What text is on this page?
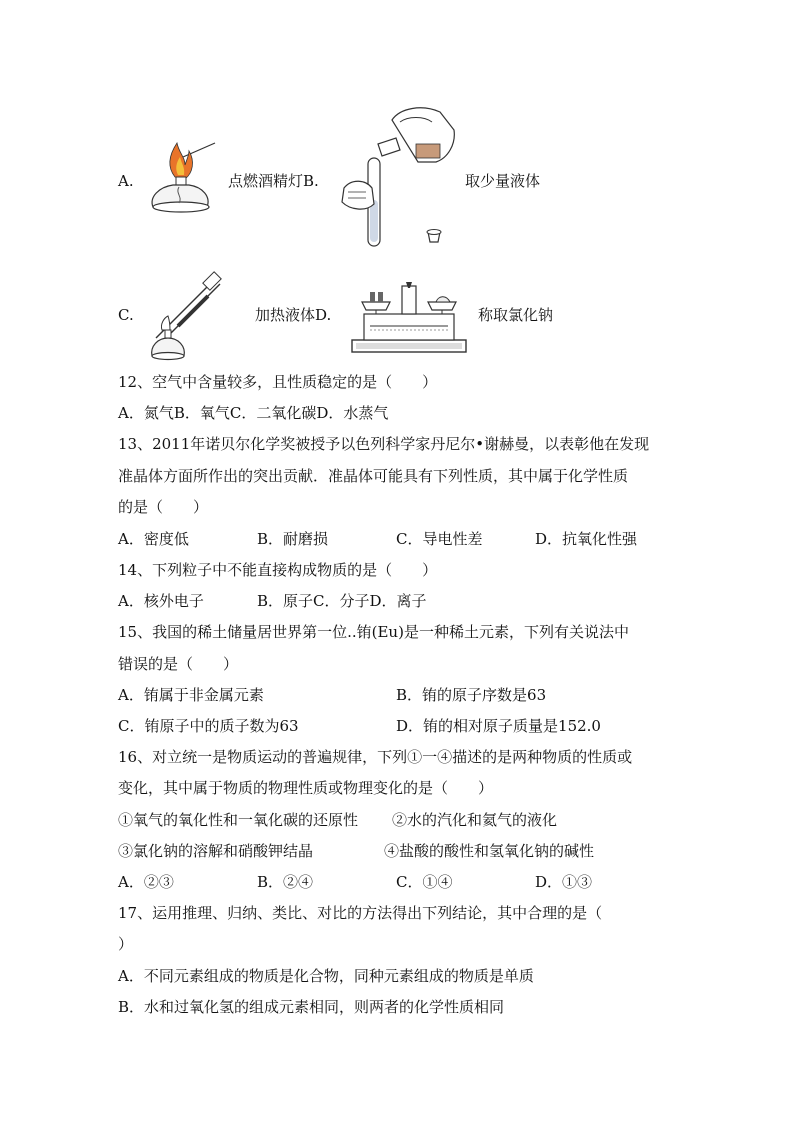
A.	点燃酒精灯B.	取少量液体
C.	加热液体D.	称取氯化钠
12、空气中含量较多，且性质稳定的是（　　）
A．氮气B．氧气C．二氧化碳D．水蒸气
13、2011年诺贝尔化学奖被授予以色列科学家丹尼尔•谢赫曼，以表彰他在发现
准晶体方面所作出的突出贡献．准晶体可能具有下列性质，其中属于化学性质
的是（　　）
A．密度低	B．耐磨损	C．导电性差	D．抗氧化性强
14、下列粒子中不能直接构成物质的是（　　）
A．核外电子	B．原子C．分子D．离子
15、我国的稀土储量居世界第一位..铕(Eu)是一种稀土元素，下列有关说法中
错误的是（　　）
A．铕属于非金属元素	B．铕的原子序数是63
C．铕原子中的质子数为63	D．铕的相对原子质量是152.0
16、对立统一是物质运动的普遍规律，下列①一④描述的是两种物质的性质或
变化，其中属于物质的物理性质或物理变化的是（　　）
①氧气的氧化性和一氧化碳的还原性 ②水的汽化和氦气的液化
③氯化钠的溶解和硝酸钾结晶	④盐酸的酸性和氢氧化钠的碱性
A．②③	B．②④	C．①④	D．①③
17、运用推理、归纳、类比、对比的方法得出下列结论，其中合理的是（
）
A．不同元素组成的物质是化合物，同种元素组成的物质是单质
B．水和过氧化氢的组成元素相同，则两者的化学性质相同
